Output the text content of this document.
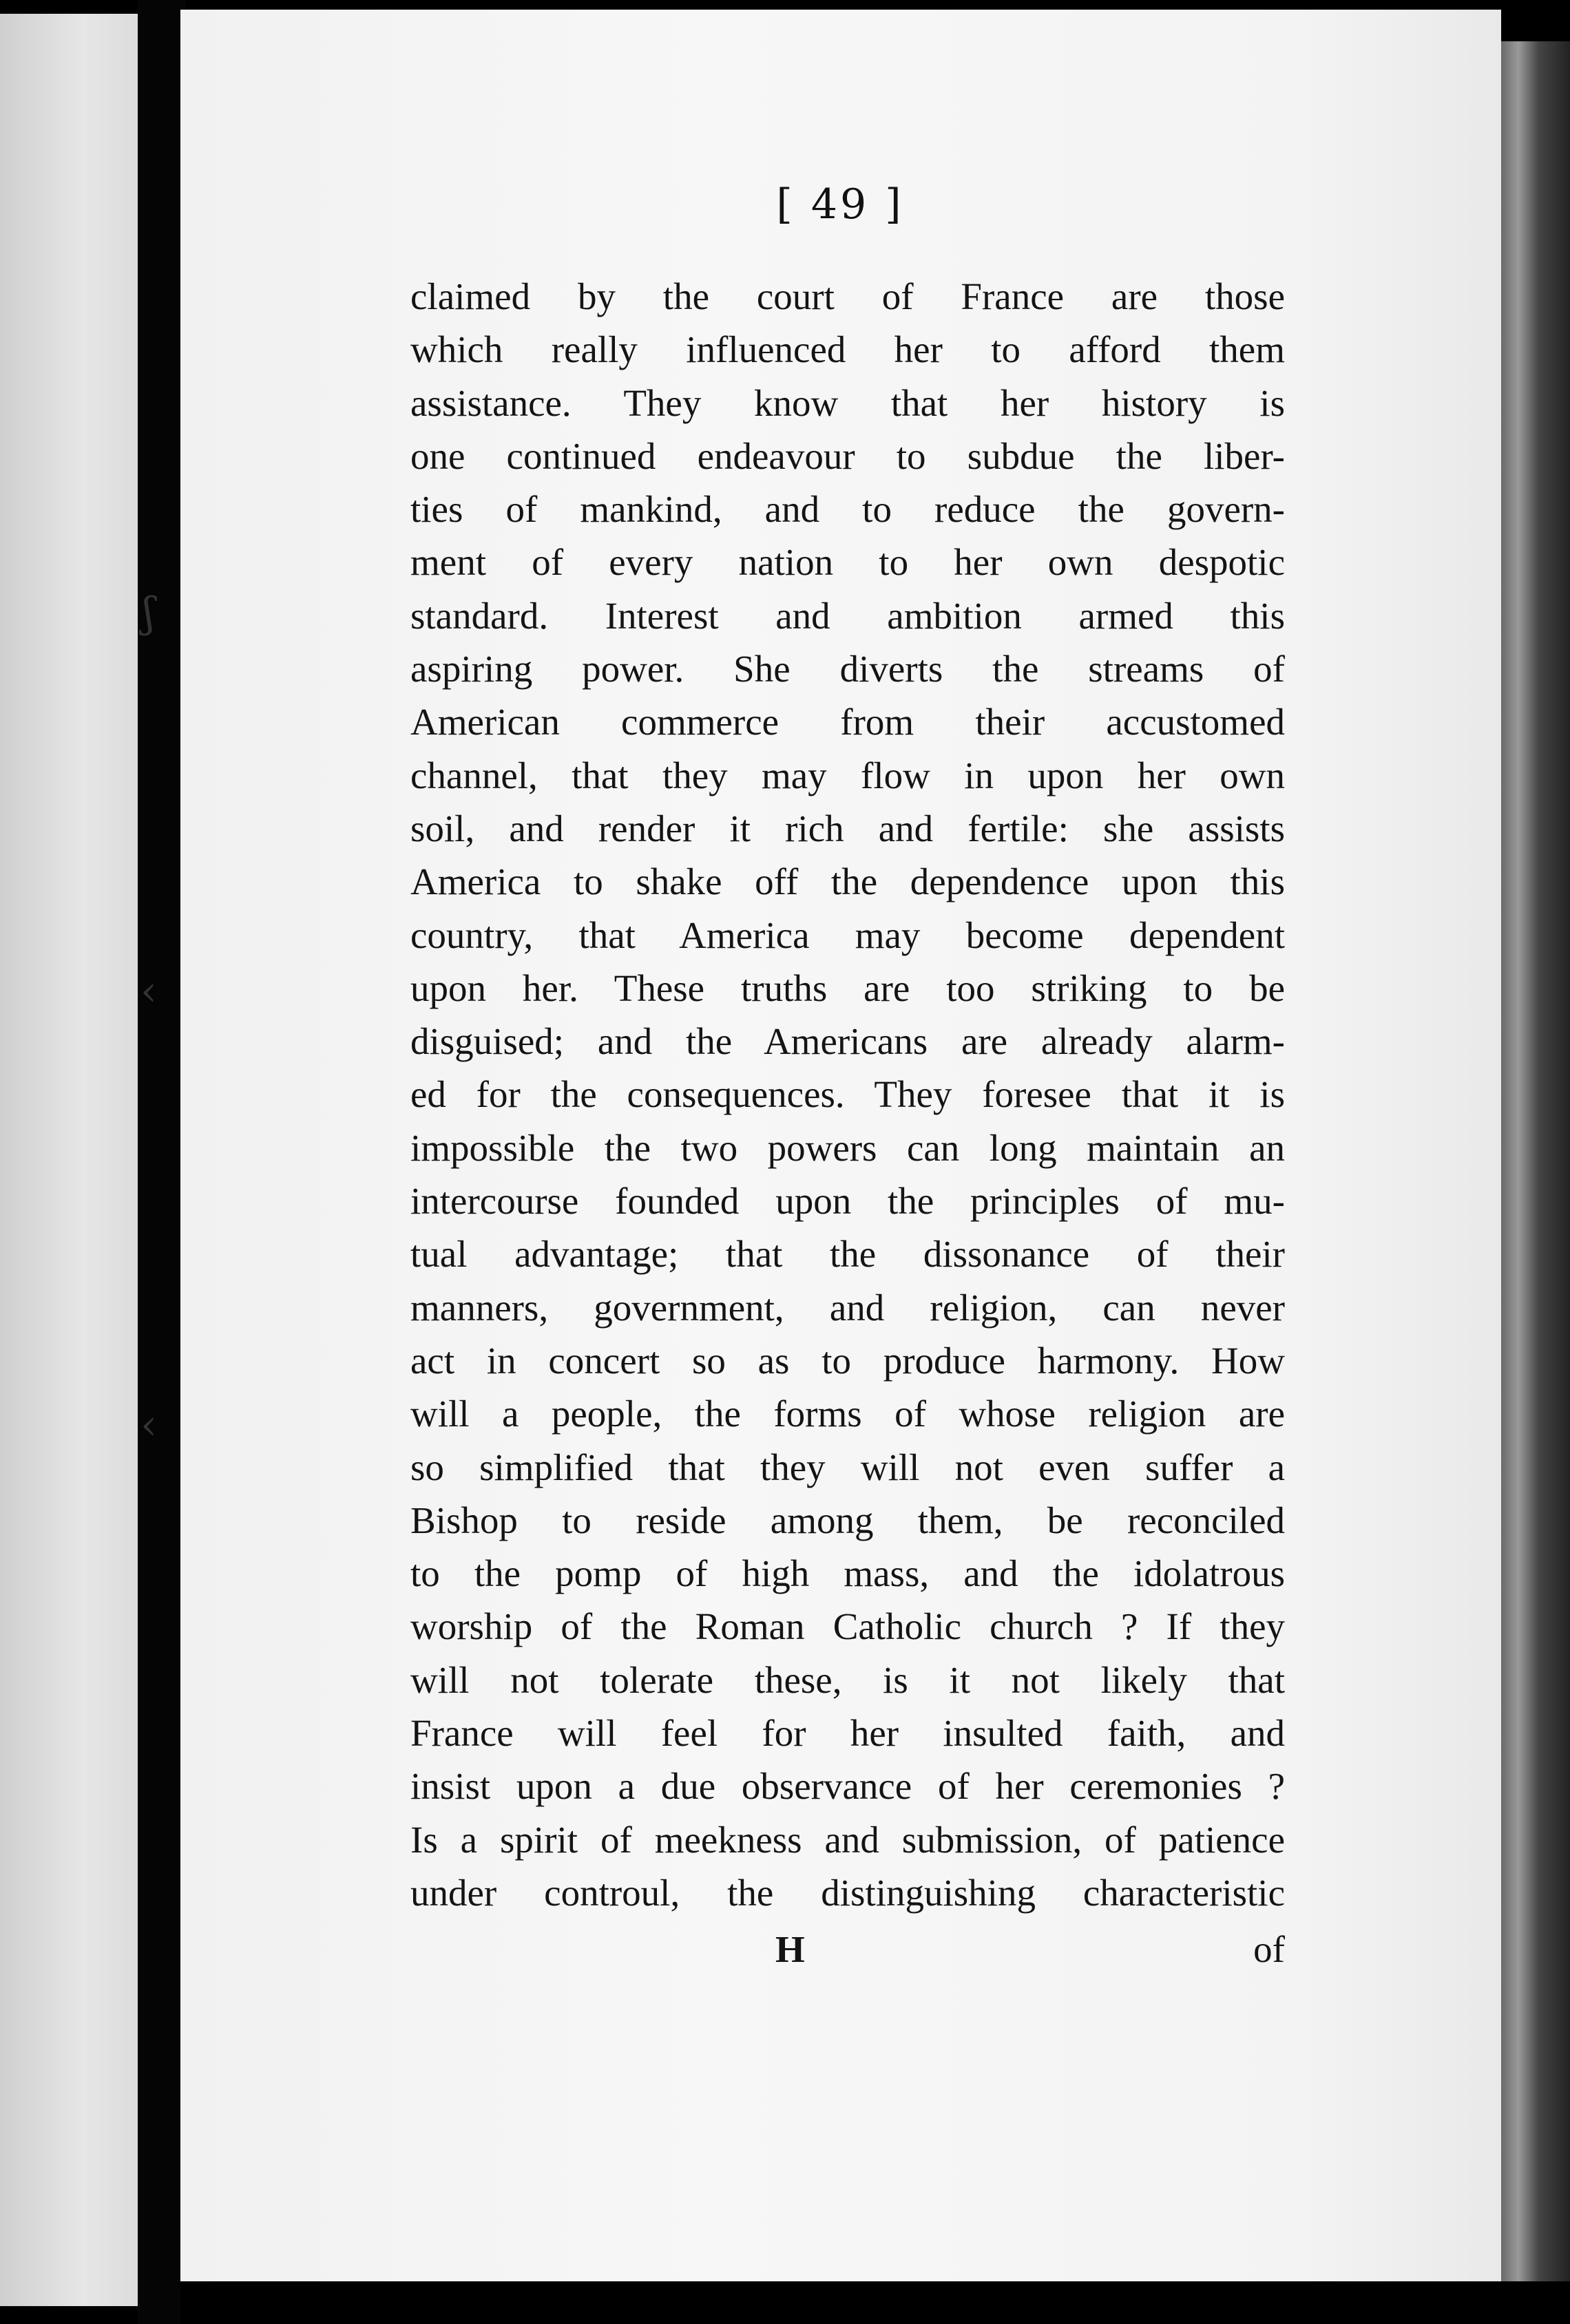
ʃ
‹
‹
[ 49 ]
claimed by the court of France are those
which really influenced her to afford them
assistance. They know that her history is
one continued endeavour to subdue the liber-
ties of mankind, and to reduce the govern-
ment of every nation to her own despotic
standard. Interest and ambition armed this
aspiring power. She diverts the streams of
American commerce from their accustomed
channel, that they may flow in upon her own
soil, and render it rich and fertile: she assists
America to shake off the dependence upon this
country, that America may become dependent
upon her. These truths are too striking to be
disguised; and the Americans are already alarm-
ed for the consequences. They foresee that it is
impossible the two powers can long maintain an
intercourse founded upon the principles of mu-
tual advantage; that the dissonance of their
manners, government, and religion, can never
act in concert so as to produce harmony. How
will a people, the forms of whose religion are
so simplified that they will not even suffer a
Bishop to reside among them, be reconciled
to the pomp of high mass, and the idolatrous
worship of the Roman Catholic church ? If they
will not tolerate these, is it not likely that
France will feel for her insulted faith, and
insist upon a due observance of her ceremonies ?
Is a spirit of meekness and submission, of patience
under controul, the distinguishing characteristic
H	of
